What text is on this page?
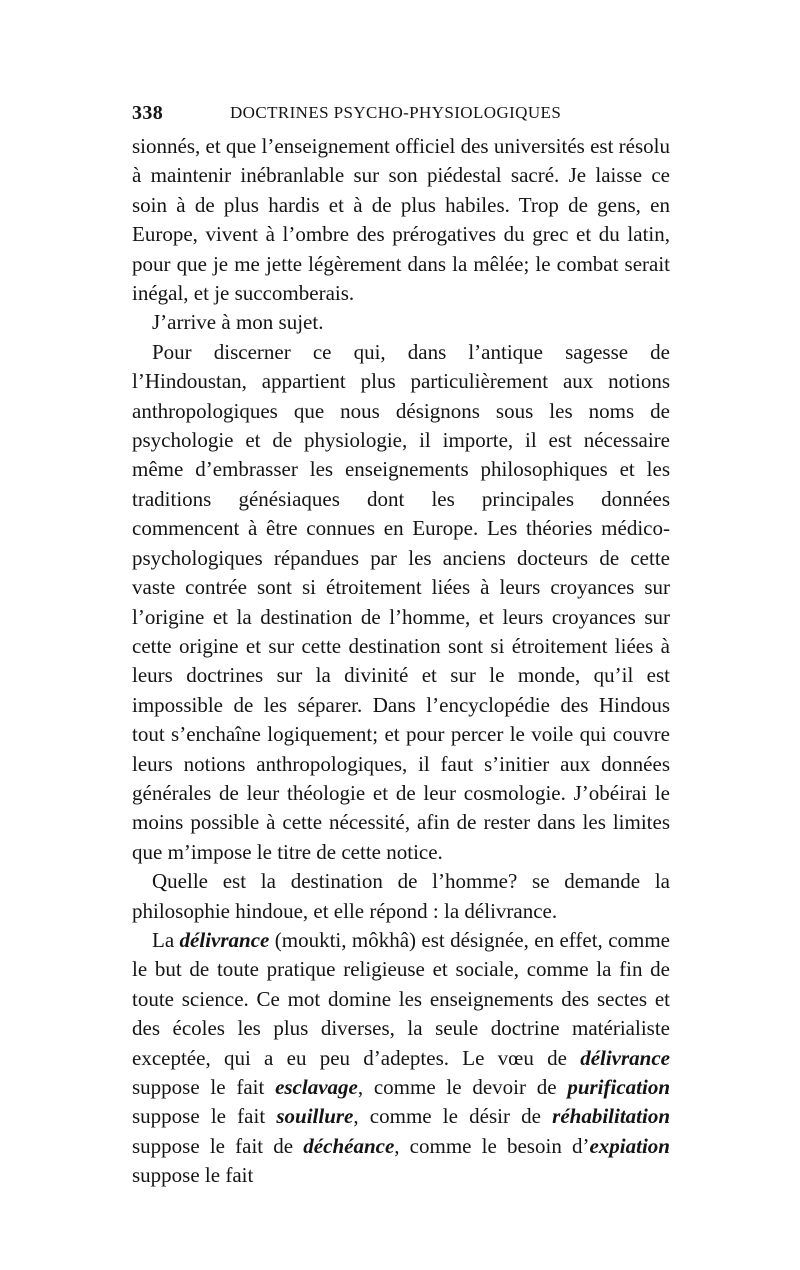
338	DOCTRINES PSYCHO-PHYSIOLOGIQUES

sionnés, et que l’enseignement officiel des universités est résolu à maintenir inébranlable sur son piédestal sacré. Je laisse ce soin à de plus hardis et à de plus habiles. Trop de gens, en Europe, vivent à l’ombre des prérogatives du grec et du latin, pour que je me jette légèrement dans la mêlée; le combat serait inégal, et je succomberais.

J’arrive à mon sujet.

Pour discerner ce qui, dans l’antique sagesse de l’Hindoustan, appartient plus particulièrement aux notions anthropologiques que nous désignons sous les noms de psychologie et de physiologie, il importe, il est nécessaire même d’embrasser les enseignements philosophiques et les traditions génésiaques dont les principales données commencent à être connues en Europe. Les théories médico-psychologiques répandues par les anciens docteurs de cette vaste contrée sont si étroitement liées à leurs croyances sur l’origine et la destination de l’homme, et leurs croyances sur cette origine et sur cette destination sont si étroitement liées à leurs doctrines sur la divinité et sur le monde, qu’il est impossible de les séparer. Dans l’encyclopédie des Hindous tout s’enchaîne logiquement; et pour percer le voile qui couvre leurs notions anthropologiques, il faut s’initier aux données générales de leur théologie et de leur cosmologie. J’obéirai le moins possible à cette nécessité, afin de rester dans les limites que m’impose le titre de cette notice.

Quelle est la destination de l’homme? se demande la philosophie hindoue, et elle répond : la délivrance.

La délivrance (moukti, môkhâ) est désignée, en effet, comme le but de toute pratique religieuse et sociale, comme la fin de toute science. Ce mot domine les enseignements des sectes et des écoles les plus diverses, la seule doctrine matérialiste exceptée, qui a eu peu d’adeptes. Le vœu de délivrance suppose le fait esclavage, comme le devoir de purification suppose le fait souillure, comme le désir de réhabilitation suppose le fait de déchéance, comme le besoin d’expiation suppose le fait
